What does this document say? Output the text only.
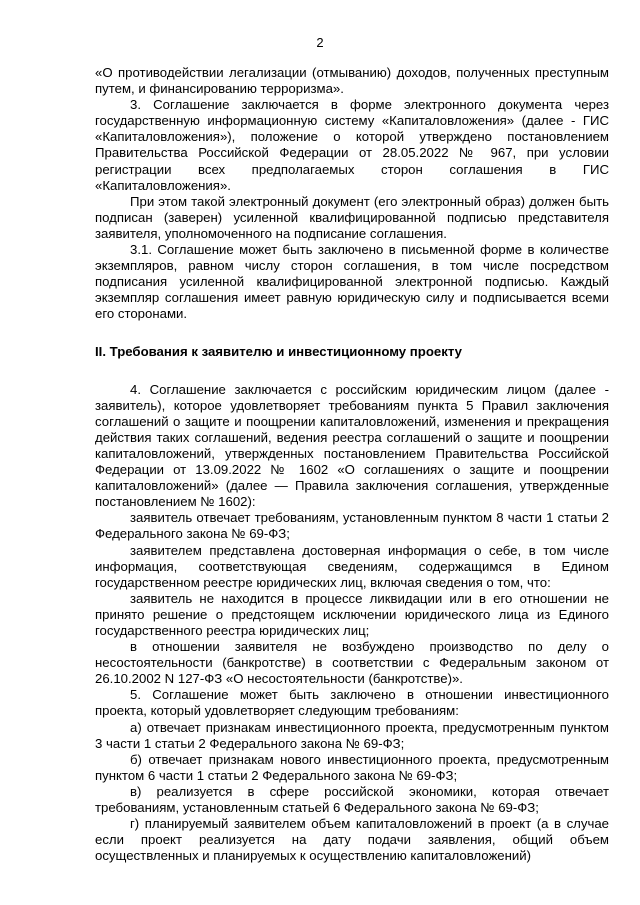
2

«О противодействии легализации (отмыванию) доходов, полученных преступным путем, и финансированию терроризма».

3. Соглашение заключается в форме электронного документа через государственную информационную систему «Капиталовложения» (далее - ГИС «Капиталовложения»), положение о которой утверждено постановлением Правительства Российской Федерации от 28.05.2022 № 967, при условии регистрации всех предполагаемых сторон соглашения в ГИС «Капиталовложения».

При этом такой электронный документ (его электронный образ) должен быть подписан (заверен) усиленной квалифицированной подписью представителя заявителя, уполномоченного на подписание соглашения.

3.1. Соглашение может быть заключено в письменной форме в количестве экземпляров, равном числу сторон соглашения, в том числе посредством подписания усиленной квалифицированной электронной подписью. Каждый экземпляр соглашения имеет равную юридическую силу и подписывается всеми его сторонами.

II. Требования к заявителю и инвестиционному проекту

4. Соглашение заключается с российским юридическим лицом (далее - заявитель), которое удовлетворяет требованиям пункта 5 Правил заключения соглашений о защите и поощрении капиталовложений, изменения и прекращения действия таких соглашений, ведения реестра соглашений о защите и поощрении капиталовложений, утвержденных постановлением Правительства Российской Федерации от 13.09.2022 № 1602 «О соглашениях о защите и поощрении капиталовложений» (далее — Правила заключения соглашения, утвержденные постановлением № 1602):

заявитель отвечает требованиям, установленным пунктом 8 части 1 статьи 2 Федерального закона № 69-ФЗ;

заявителем представлена достоверная информация о себе, в том числе информация, соответствующая сведениям, содержащимся в Едином государственном реестре юридических лиц, включая сведения о том, что:

заявитель не находится в процессе ликвидации или в его отношении не принято решение о предстоящем исключении юридического лица из Единого государственного реестра юридических лиц;

в отношении заявителя не возбуждено производство по делу о несостоятельности (банкротстве) в соответствии с Федеральным законом от 26.10.2002 N 127-ФЗ «О несостоятельности (банкротстве)».

5. Соглашение может быть заключено в отношении инвестиционного проекта, который удовлетворяет следующим требованиям:

а) отвечает признакам инвестиционного проекта, предусмотренным пунктом 3 части 1 статьи 2 Федерального закона № 69-ФЗ;

б) отвечает признакам нового инвестиционного проекта, предусмотренным пунктом 6 части 1 статьи 2 Федерального закона № 69-ФЗ;

в) реализуется в сфере российской экономики, которая отвечает требованиям, установленным статьей 6 Федерального закона № 69-ФЗ;

г) планируемый заявителем объем капиталовложений в проект (а в случае если проект реализуется на дату подачи заявления, общий объем осуществленных и планируемых к осуществлению капиталовложений)
